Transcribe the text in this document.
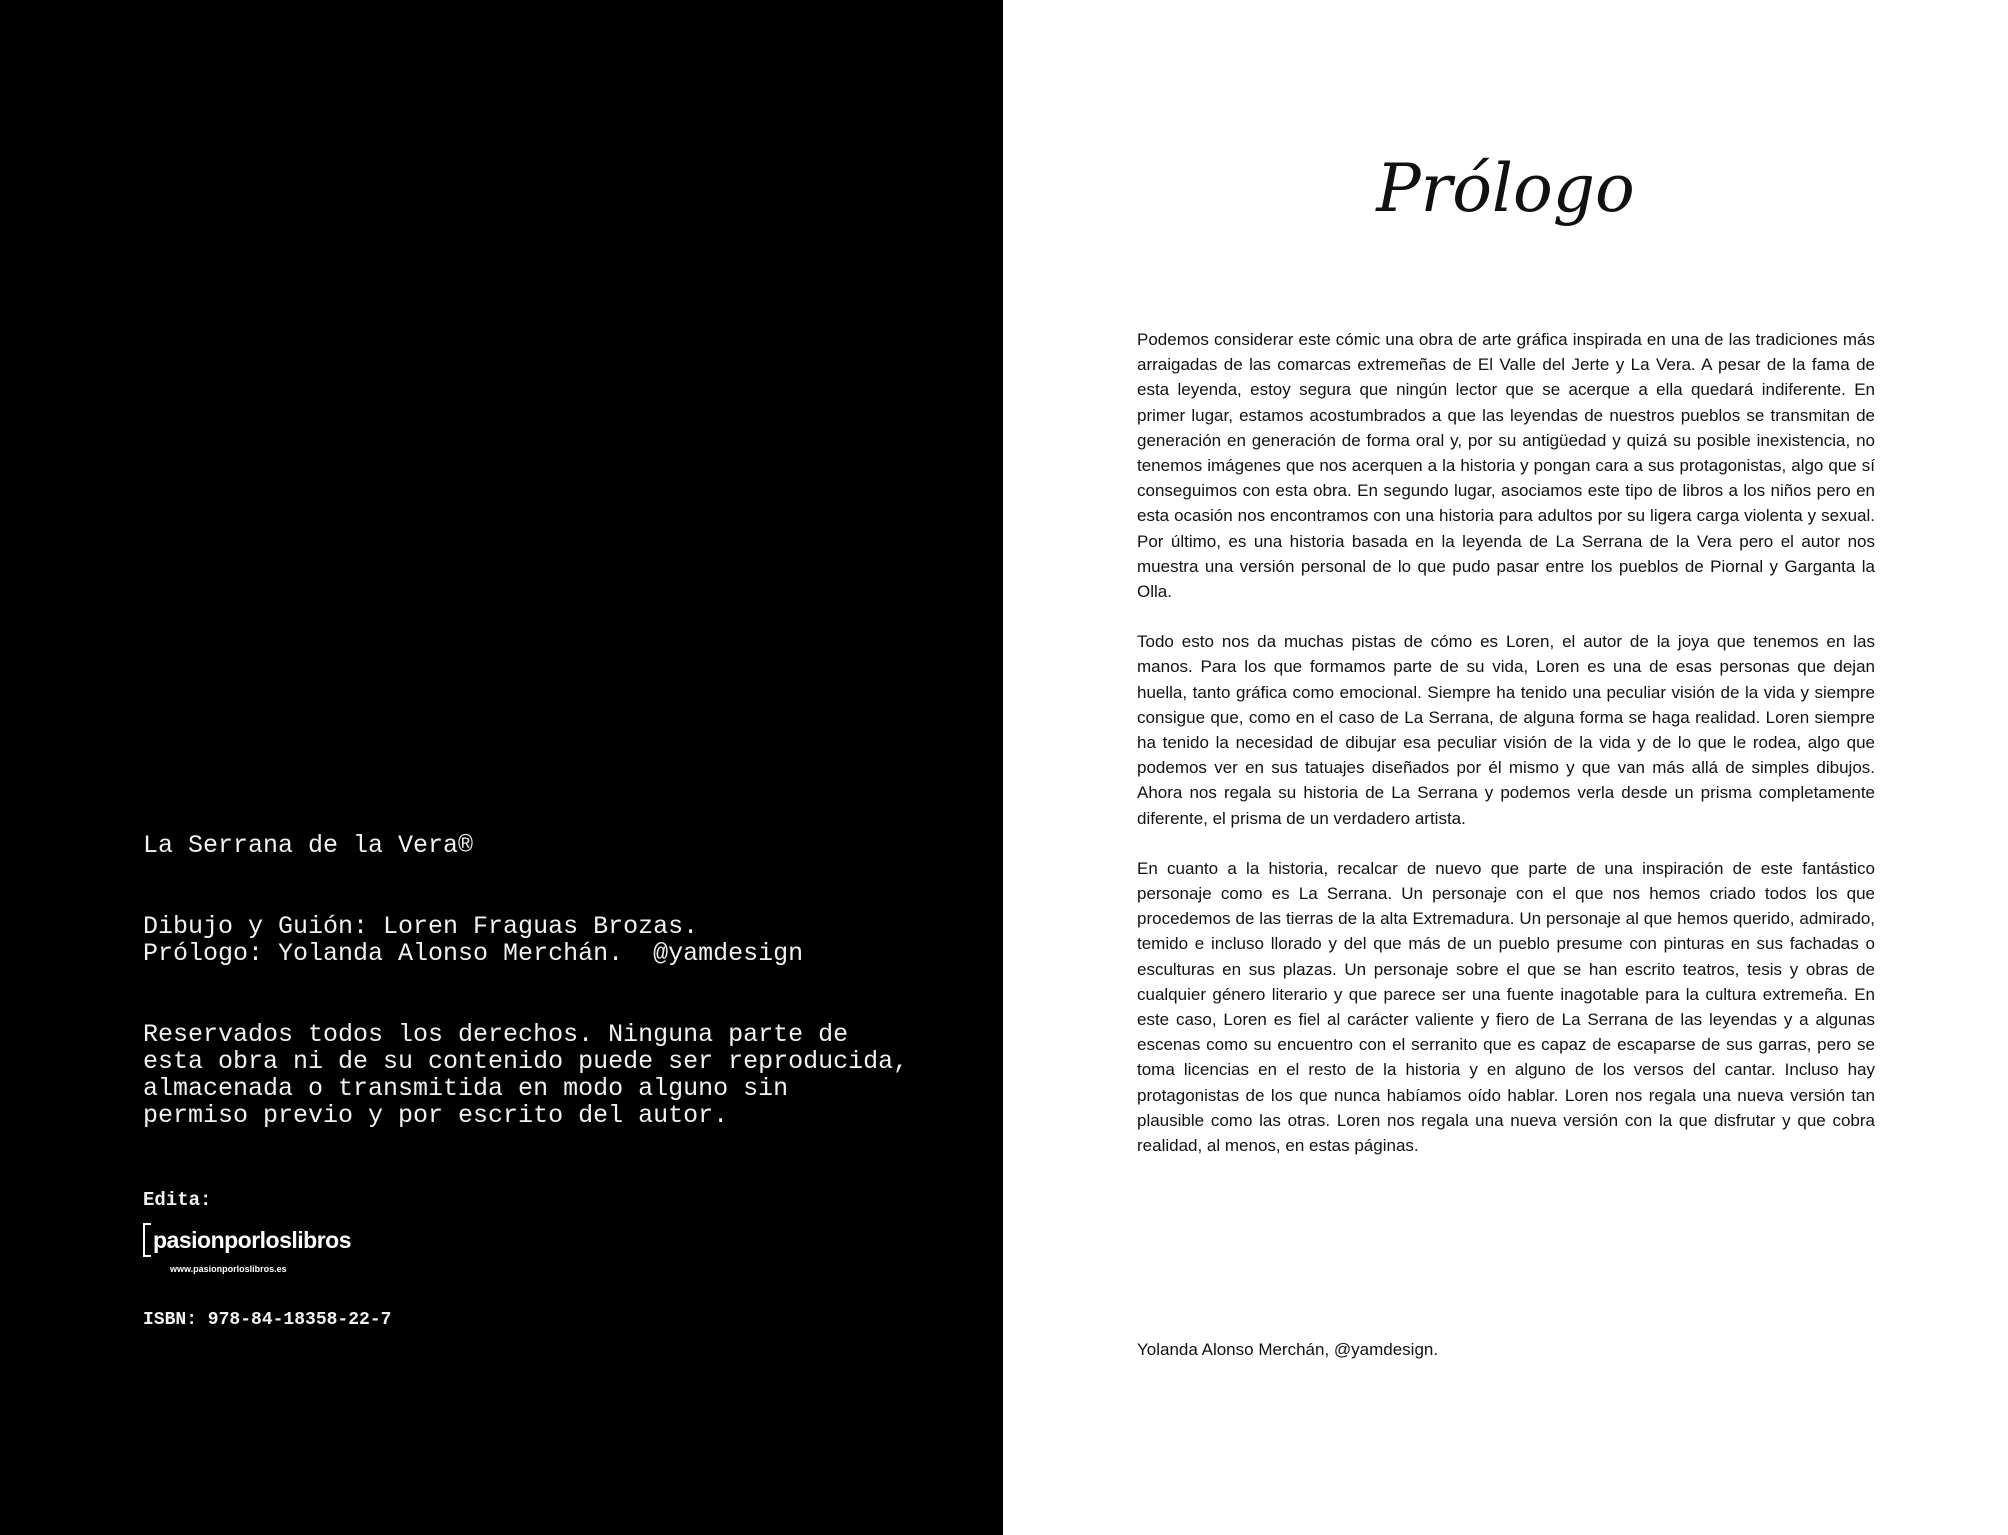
La Serrana de la Vera®
Dibujo y Guión: Loren Fraguas Brozas.
Prólogo: Yolanda Alonso Merchán.  @yamdesign
Reservados todos los derechos. Ninguna parte de
esta obra ni de su contenido puede ser reproducida,
almacenada o transmitida en modo alguno sin
permiso previo y por escrito del autor.
Edita:
pasionporloslibros
www.pasionporloslibros.es
ISBN: 978-84-18358-22-7
Prólogo

Podemos considerar este cómic una obra de arte gráfica inspirada en una de las tradiciones más arraigadas de las comarcas extremeñas de El Valle del Jerte y La Vera. A pesar de la fama de esta leyenda, estoy segura que ningún lector que se acerque a ella quedará indiferente. En primer lugar, estamos acostumbrados a que las leyendas de nuestros pueblos se transmitan de generación en generación de forma oral y, por su antigüedad y quizá su posible inexistencia, no tenemos imágenes que nos acerquen a la historia y pongan cara a sus protagonistas, algo que sí conseguimos con esta obra. En segundo lugar, asociamos este tipo de libros a los niños pero en esta ocasión nos encontramos con una historia para adultos por su ligera carga violenta y sexual. Por último, es una historia basada en la leyenda de La Serrana de la Vera pero el autor nos muestra una versión personal de lo que pudo pasar entre los pueblos de Piornal y Garganta la Olla.

Todo esto nos da muchas pistas de cómo es Loren, el autor de la joya que tenemos en las manos. Para los que formamos parte de su vida, Loren es una de esas personas que dejan huella, tanto gráfica como emocional. Siempre ha tenido una peculiar visión de la vida y siempre consigue que, como en el caso de La Serrana, de alguna forma se haga realidad. Loren siempre ha tenido la necesidad de dibujar esa peculiar visión de la vida y de lo que le rodea, algo que podemos ver en sus tatuajes diseñados por él mismo y que van más allá de simples dibujos. Ahora nos regala su historia de La Serrana y podemos verla desde un prisma completamente diferente, el prisma de un verdadero artista.

En cuanto a la historia, recalcar de nuevo que parte de una inspiración de este fantástico personaje como es La Serrana. Un personaje con el que nos hemos criado todos los que procedemos de las tierras de la alta Extremadura. Un personaje al que hemos querido, admirado, temido e incluso llorado y del que más de un pueblo presume con pinturas en sus fachadas o esculturas en sus plazas. Un personaje sobre el que se han escrito teatros, tesis y obras de cualquier género literario y que parece ser una fuente inagotable para la cultura extremeña. En este caso, Loren es fiel al carácter valiente y fiero de La Serrana de las leyendas y a algunas escenas como su encuentro con el serranito que es capaz de escaparse de sus garras, pero se toma licencias en el resto de la historia y en alguno de los versos del cantar. Incluso hay protagonistas de los que nunca habíamos oído hablar. Loren nos regala una nueva versión tan plausible como las otras. Loren nos regala una nueva versión con la que disfrutar y que cobra realidad, al menos, en estas páginas.

Yolanda Alonso Merchán, @yamdesign.
